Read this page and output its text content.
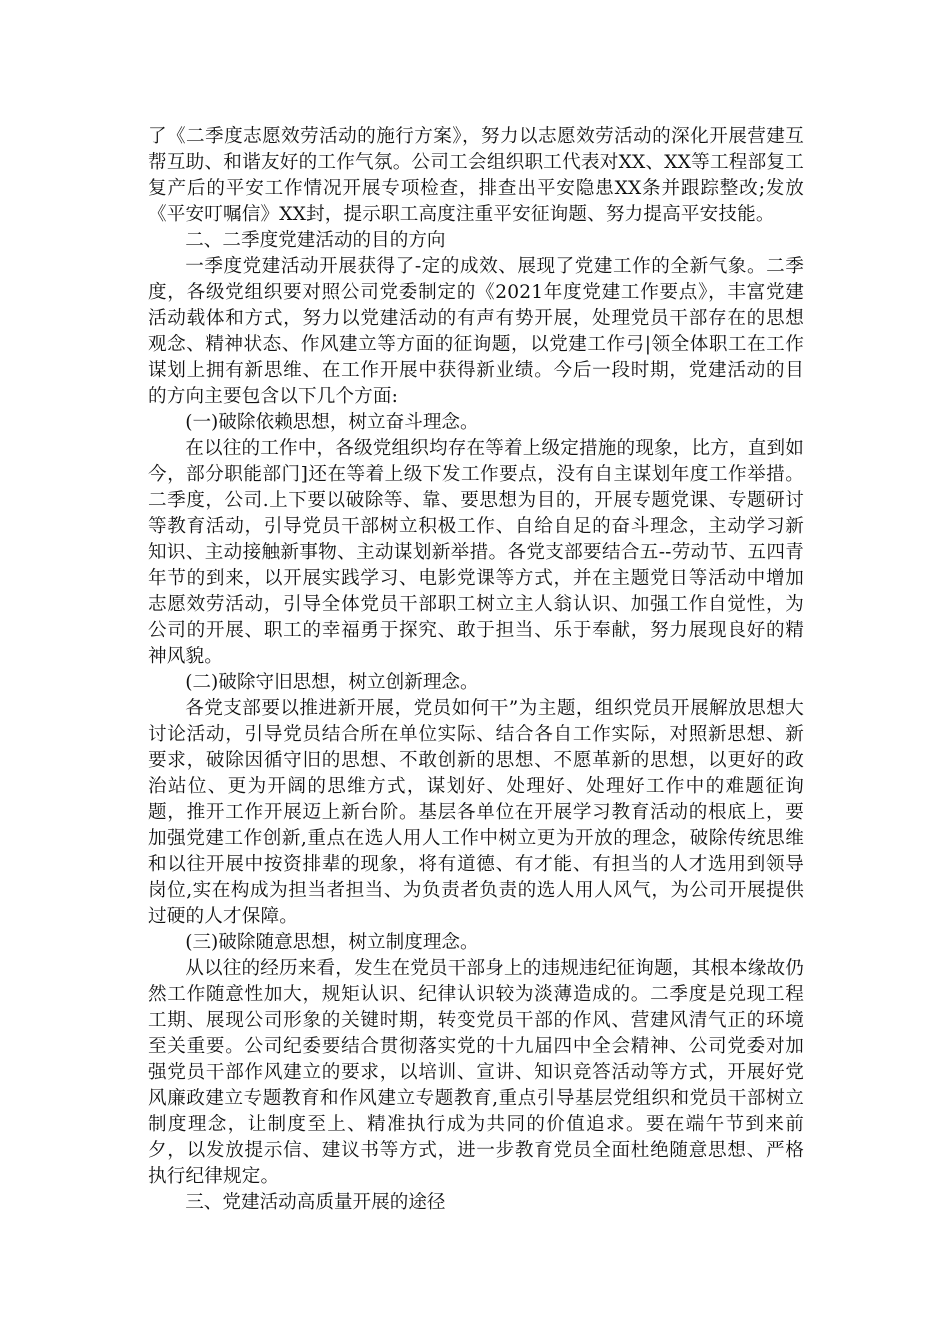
了《二季度志愿效劳活动的施行方案》，努力以志愿效劳活动的深化开展营建互帮互助、和谐友好的工作气氛。公司工会组织职工代表对XX、XX等工程部复工复产后的平安工作情况开展专项检查，排查出平安隐患XX条并跟踪整改;发放《平安叮嘱信》XX封，提示职工高度注重平安征询题、努力提高平安技能。

二、二季度党建活动的目的方向

一季度党建活动开展获得了-定的成效、展现了党建工作的全新气象。二季度，各级党组织要对照公司党委制定的《2021年度党建工作要点》，丰富党建活动载体和方式，努力以党建活动的有声有势开展，处理党员干部存在的思想观念、精神状态、作风建立等方面的征询题，以党建工作弓|领全体职工在工作谋划上拥有新思维、在工作开展中获得新业绩。今后一段时期，党建活动的目的方向主要包含以下几个方面:

(一)破除依赖思想，树立奋斗理念。

在以往的工作中，各级党组织均存在等着上级定措施的现象，比方，直到如今，部分职能部门]还在等着上级下发工作要点，没有自主谋划年度工作举措。二季度，公司.上下要以破除等、靠、要思想为目的，开展专题党课、专题研讨等教育活动，引导党员干部树立积极工作、自给自足的奋斗理念，主动学习新知识、主动接触新事物、主动谋划新举措。各党支部要结合五--劳动节、五四青年节的到来，以开展实践学习、电影党课等方式，并在主题党日等活动中增加志愿效劳活动，引导全体党员干部职工树立主人翁认识、加强工作自觉性，为公司的开展、职工的幸福勇于探究、敢于担当、乐于奉献，努力展现良好的精神风貌。

(二)破除守旧思想，树立创新理念。

各党支部要以推进新开展，党员如何干”为主题，组织党员开展解放思想大讨论活动，引导党员结合所在单位实际、结合各自工作实际，对照新思想、新要求，破除因循守旧的思想、不敢创新的思想、不愿革新的思想，以更好的政治站位、更为开阔的思维方式，谋划好、处理好、处理好工作中的难题征询题，推开工作开展迈上新台阶。基层各单位在开展学习教育活动的根底上，要加强党建工作创新,重点在选人用人工作中树立更为开放的理念，破除传统思维和以往开展中按资排辈的现象，将有道德、有才能、有担当的人才选用到领导岗位,实在构成为担当者担当、为负责者负责的选人用人风气，为公司开展提供过硬的人才保障。

(三)破除随意思想，树立制度理念。

从以往的经历来看，发生在党员干部身上的违规违纪征询题，其根本缘故仍然工作随意性加大，规矩认识、纪律认识较为淡薄造成的。二季度是兑现工程工期、展现公司形象的关键时期，转变党员干部的作风、营建风清气正的环境至关重要。公司纪委要结合贯彻落实党的十九届四中全会精神、公司党委对加强党员干部作风建立的要求，以培训、宣讲、知识竞答活动等方式，开展好党风廉政建立专题教育和作风建立专题教育,重点引导基层党组织和党员干部树立制度理念，让制度至上、精准执行成为共同的价值追求。要在端午节到来前夕，以发放提示信、建议书等方式，进一步教育党员全面杜绝随意思想、严格执行纪律规定。

三、党建活动高质量开展的途径
